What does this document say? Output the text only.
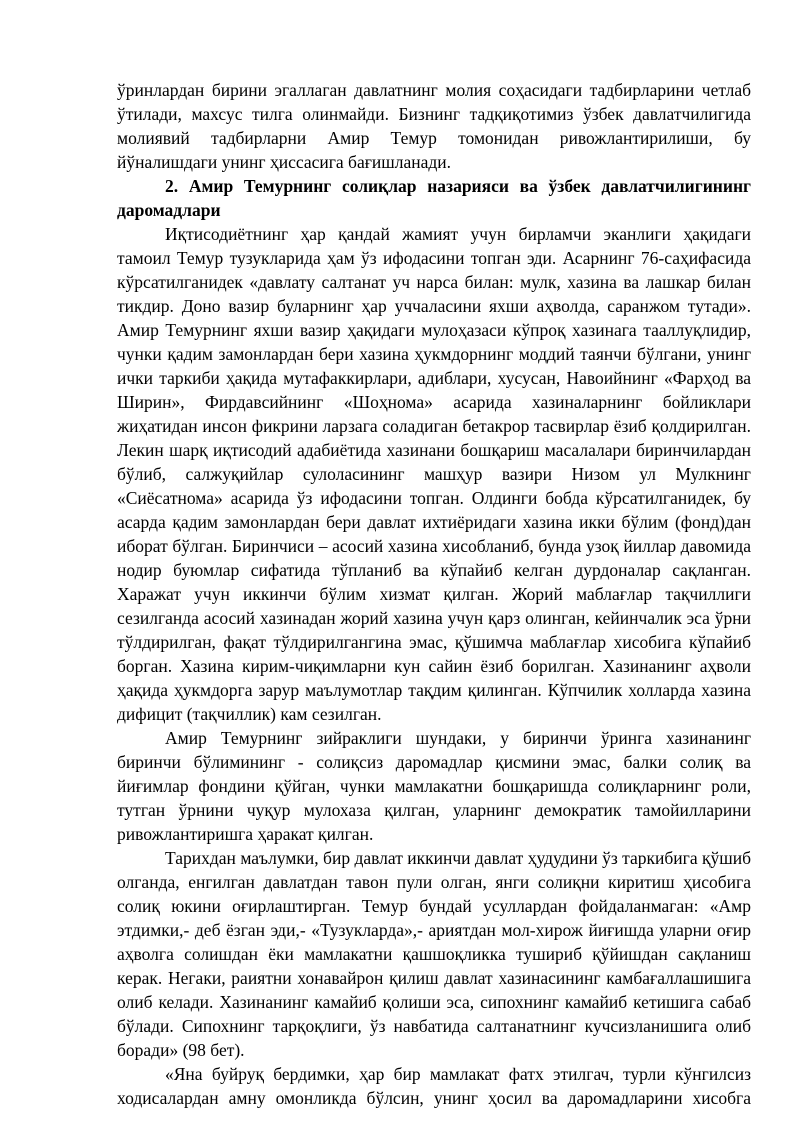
ўринлардан бирини эгаллаган давлатнинг молия соҳасидаги тадбирларини четлаб ўтилади, махсус тилга олинмайди. Бизнинг тадқиқотимиз ўзбек давлатчилигида молиявий тадбирларни Амир Темур томонидан ривожлантирилиши, бу йўналишдаги унинг ҳиссасига бағишланади.

2. Амир Темурнинг солиқлар назарияси ва ўзбек давлатчилигининг даромадлари

Иқтисодиётнинг ҳар қандай жамият учун бирламчи эканлиги ҳақидаги тамоил Темур тузукларида ҳам ўз ифодасини топган эди. Асарнинг 76-саҳифасида кўрсатилганидек «давлату салтанат уч нарса билан: мулк, хазина ва лашкар билан тикдир. Доно вазир буларнинг ҳар уччаласини яхши аҳволда, саранжом тутади». Амир Темурнинг яхши вазир ҳақидаги мулоҳазаси кўпроқ хазинага тааллуқлидир, чунки қадим замонлардан бери хазина ҳукмдорнинг моддий таянчи бўлгани, унинг ички таркиби ҳақида мутафаккирлари, адиблари, хусусан, Навоийнинг «Фарҳод ва Ширин», Фирдавсийнинг «Шоҳнома» асарида хазиналарнинг бойликлари жиҳатидан инсон фикрини ларзага соладиган бетакрор тасвирлар ёзиб қолдирилган. Лекин шарқ иқтисодий адабиётида хазинани бошқариш масалалари биринчилардан бўлиб, салжуқийлар сулоласининг машҳур вазири Низом ул Мулкнинг «Сиёсатнома» асарида ўз ифодасини топган. Олдинги бобда кўрсатилганидек, бу асарда қадим замонлардан бери давлат ихтиёридаги хазина икки бўлим (фонд)дан иборат бўлган. Биринчиси – асосий хазина хисобланиб, бунда узоқ йиллар давомида нодир буюмлар сифатида тўпланиб ва кўпайиб келган дурдоналар сақланган. Харажат учун иккинчи бўлим хизмат қилган. Жорий маблағлар тақчиллиги сезилганда асосий хазинадан жорий хазина учун қарз олинган, кейинчалик эса ўрни тўлдирилган, фақат тўлдирилгангина эмас, қўшимча маблағлар хисобига кўпайиб борган. Хазина кирим-чиқимларни кун сайин ёзиб борилган. Хазинанинг аҳволи ҳақида ҳукмдорга зарур маълумотлар тақдим қилинган. Кўпчилик холларда хазина дифицит (тақчиллик) кам сезилган.

Амир Темурнинг зийраклиги шундаки, у биринчи ўринга хазинанинг биринчи бўлимининг - солиқсиз даромадлар қисмини эмас, балки солиқ ва йиғимлар фондини қўйган, чунки мамлакатни бошқаришда солиқларнинг роли, тутган ўрнини чуқур мулохаза қилган, уларнинг демократик тамойилларини ривожлантиришга ҳаракат қилган.

Тарихдан маълумки, бир давлат иккинчи давлат ҳудудини ўз таркибига қўшиб олганда, енгилган давлатдан тавон пули олган, янги солиқни киритиш ҳисобига солиқ юкини оғирлаштирган. Темур бундай усуллардан фойдаланмаган: «Амр этдимки,- деб ёзган эди,- «Тузукларда»,- ариятдан мол-хирож йиғишда уларни оғир аҳволга солишдан ёки мамлакатни қашшоқликка тушириб қўйишдан сақланиш керак. Негаки, раиятни хонавайрон қилиш давлат хазинасининг камбағаллашишига олиб келади. Хазинанинг камайиб қолиши эса, сипохнинг камайиб кетишига сабаб бўлади. Сипохнинг тарқоқлиги, ўз навбатида салтанатнинг кучсизланишига олиб боради» (98 бет).

«Яна буйруқ бердимки, ҳар бир мамлакат фатх этилгач, турли кўнгилсиз ходисалардан амну омонликда бўлсин, унинг ҳосил ва даромадларини хисобга
